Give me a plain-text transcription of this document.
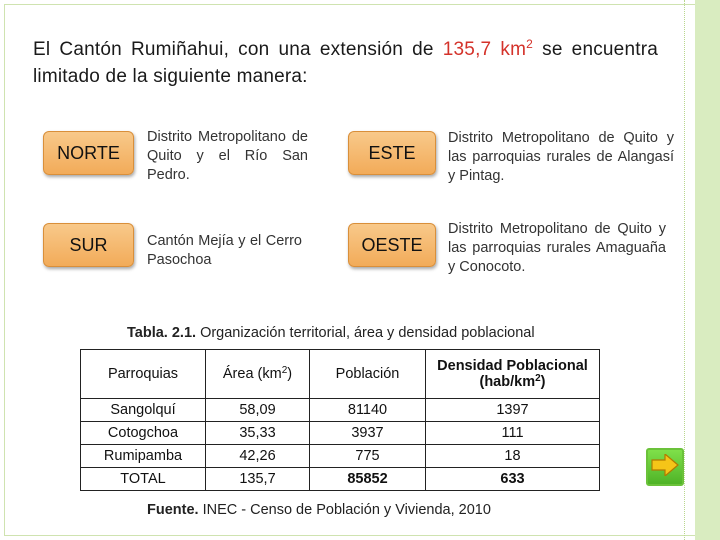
El Cantón Rumiñahui, con una extensión de 135,7 $km^2$ se encuentra limitado de la siguiente manera:
NORTE
Distrito Metropolitano de Quito y el Río San Pedro.
SUR	Cantón Mejía y el Cerro Pasochoa
ESTE
Distrito Metropolitano de Quito y las parroquias rurales de Alangasí y Pintag.
OESTE
Distrito Metropolitano de Quito y las parroquias rurales Amaguaña y Conocoto.
Tabla. 2.1. Organización territorial, área y densidad poblacional
Parroquias	Área $(km^2)$	Población	Densidad Poblacional
$(hab/km^2)$
Sangolquí	58,09	81140	1397
Cotogchoa	35,33	3937	111
Rumipamba	42,26	775	18
TOTAL	135,7	85852	633
Fuente. INEC - Censo de Población y Vivienda, 2010
